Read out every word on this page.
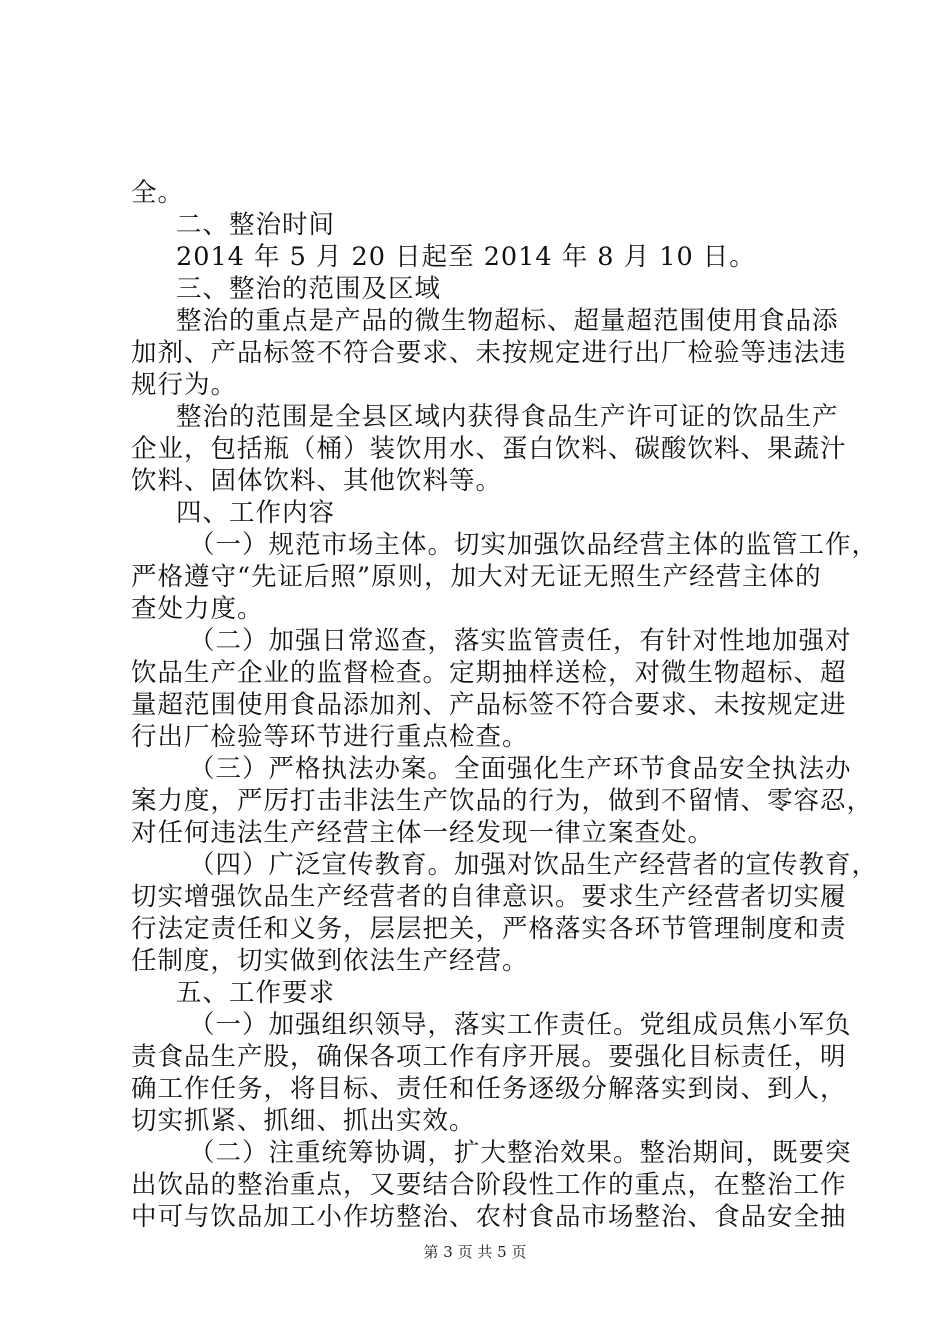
全。
二、整治时间
2014 年 5 月 20 日起至 2014 年 8 月 10 日。
三、整治的范围及区域
整治的重点是产品的微生物超标、超量超范围使用食品添
加剂、产品标签不符合要求、未按规定进行出厂检验等违法违
规行为。
整治的范围是全县区域内获得食品生产许可证的饮品生产
企业，包括瓶（桶）装饮用水、蛋白饮料、碳酸饮料、果蔬汁
饮料、固体饮料、其他饮料等。
四、工作内容
（一）规范市场主体。切实加强饮品经营主体的监管工作，
严格遵守“先证后照”原则，加大对无证无照生产经营主体的
查处力度。
（二）加强日常巡查，落实监管责任，有针对性地加强对
饮品生产企业的监督检查。定期抽样送检，对微生物超标、超
量超范围使用食品添加剂、产品标签不符合要求、未按规定进
行出厂检验等环节进行重点检查。
（三）严格执法办案。全面强化生产环节食品安全执法办
案力度，严厉打击非法生产饮品的行为，做到不留情、零容忍，
对任何违法生产经营主体一经发现一律立案查处。
（四）广泛宣传教育。加强对饮品生产经营者的宣传教育，
切实增强饮品生产经营者的自律意识。要求生产经营者切实履
行法定责任和义务，层层把关，严格落实各环节管理制度和责
任制度，切实做到依法生产经营。
五、工作要求
（一）加强组织领导，落实工作责任。党组成员焦小军负
责食品生产股，确保各项工作有序开展。要强化目标责任，明
确工作任务，将目标、责任和任务逐级分解落实到岗、到人，
切实抓紧、抓细、抓出实效。
（二）注重统筹协调，扩大整治效果。整治期间，既要突
出饮品的整治重点，又要结合阶段性工作的重点，在整治工作
中可与饮品加工小作坊整治、农村食品市场整治、食品安全抽
第 3 页 共 5 页
